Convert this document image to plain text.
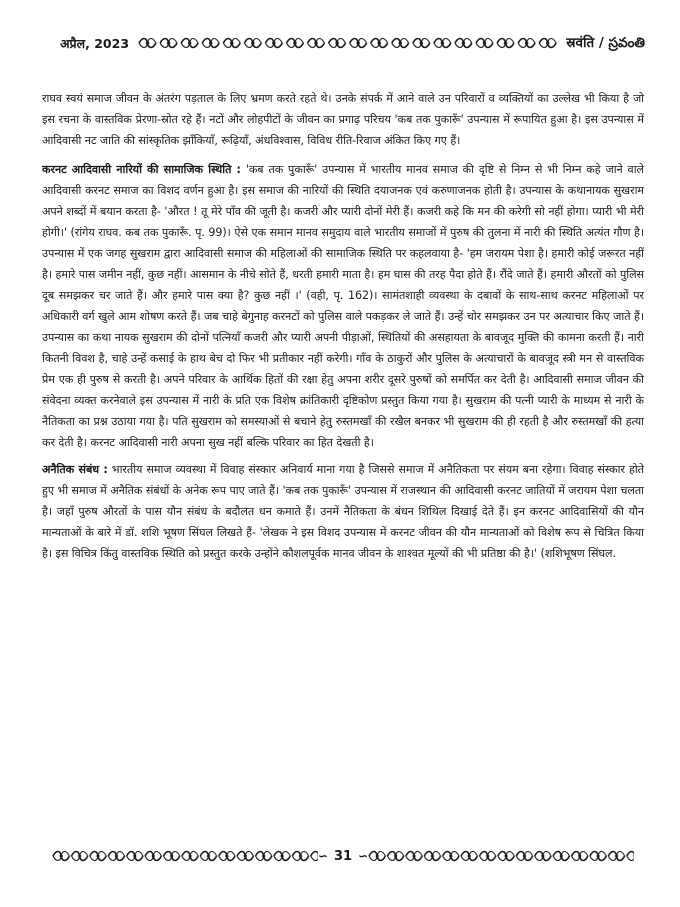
अप्रैल, 2023	स्रवंति / స్రవంతి

राघव स्वयं समाज जीवन के अंतरंग पड़ताल के लिए भ्रमण करते रहते थे। उनके संपर्क में आने वाले उन परिवारों व व्यक्तियों का उल्लेख भी किया है जो इस रचना के वास्तविक प्रेरणा-स्रोत रहे हैं। नटों और लोहपीटों के जीवन का प्रगाढ़ परिचय 'कब तक पुकारूँ' उपन्यास में रूपायित हुआ है। इस उपन्यास में आदिवासी नट जाति की सांस्कृतिक झाँकियाँ, रूढ़ियाँ, अंधविश्वास, विविध रीति-रिवाज अंकित किए गए हैं।

करनट आदिवासी नारियों की सामाजिक स्थिति : 'कब तक पुकारूँ' उपन्यास में भारतीय मानव समाज की दृष्टि से निम्न से भी निम्न कहे जाने वाले आदिवासी करनट समाज का विशद वर्णन हुआ है। इस समाज की नारियों की स्थिति दयाजनक एवं करुणाजनक होती है। उपन्यास के कथानायक सुखराम अपने शब्दों में बयान करता है- 'औरत ! तू मेरे पाँव की जूती है। कजरी और प्यारी दोनों मेरी हैं। कजरी कहे कि मन की करेगी सो नहीं होगा। प्यारी भी मेरी होगी।' (रांगेय राघव. कब तक पुकारूँ. पृ. 99)। ऐसे एक समान मानव समुदाय वाले भारतीय समाजों में पुरुष की तुलना में नारी की स्थिति अत्यंत गौण है। उपन्यास में एक जगह सुखराम द्वारा आदिवासी समाज की महिलाओं की सामाजिक स्थिति पर कहलवाया है- 'हम जरायम पेशा है। हमारी कोई जरूरत नहीं है। हमारे पास जमीन नहीं, कुछ नहीं। आसमान के नीचे सोते हैं, धरती हमारी माता है। हम घास की तरह पैदा होते हैं। रौंदे जाते हैं। हमारी औरतों को पुलिस दूब समझकर चर जाते हैं। और हमारे पास क्या है? कुछ नहीं ।' (वही, पृ. 162)। सामंतशाही व्यवस्था के दबावों के साथ-साथ करनट महिलाओं पर अधिकारी वर्ग खुले आम शोषण करते हैं। जब चाहे बेगुनाह करनटों को पुलिस वाले पकड़कर ले जाते हैं। उन्हें चोर समझकर उन पर अत्याचार किए जाते हैं। उपन्यास का कथा नायक सुखराम की दोनों पत्नियाँ कजरी और प्यारी अपनी पीड़ाओं, स्थितियों की असहायता के बावजूद मुक्ति की कामना करती हैं। नारी कितनी विवश है, चाहे उन्हें कसाई के हाथ बेच दो फिर भी प्रतीकार नहीं करेगी। गाँव के ठाकुरों और पुलिस के अत्याचारों के बावजूद स्त्री मन से वास्तविक प्रेम एक ही पुरुष से करती है। अपने परिवार के आर्थिक हितों की रक्षा हेतु अपना शरीर दूसरे पुरुषों को समर्पित कर देती है। आदिवासी समाज जीवन की संवेदना व्यक्त करनेवाले इस उपन्यास में नारी के प्रति एक विशेष क्रांतिकारी दृष्टिकोण प्रस्तुत किया गया है। सुखराम की पत्नी प्यारी के माध्यम से नारी के नैतिकता का प्रश्न उठाया गया है। पति सुखराम को समस्याओं से बचाने हेतु रुस्तमखाँ की रखैल बनकर भी सुखराम की ही रहती है और रुस्तमखाँ की हत्या कर देती है। करनट आदिवासी नारी अपना सुख नहीं बल्कि परिवार का हित देखती है।

अनैतिक संबंध : भारतीय समाज व्यवस्था में विवाह संस्कार अनिवार्य माना गया है जिससे समाज में अनैतिकता पर संयम बना रहेगा। विवाह संस्कार होते हुए भी समाज में अनैतिक संबंधों के अनेक रूप पाए जाते हैं। 'कब तक पुकारूँ' उपन्यास में राजस्थान की आदिवासी करनट जातियों में जरायम पेशा चलता है। जहाँ पुरुष औरतों के पास यौन संबंध के बदौलत धन कमाते हैं। उनमें नैतिकता के बंधन शिथिल दिखाई देते हैं। इन करनट आदिवासियों की यौन मान्यताओं के बारे में डॉ. शशि भूषण सिंघल लिखते हैं- 'लेखक ने इस विशद उपन्यास में करनट जीवन की यौन मान्यताओं को विशेष रूप से चित्रित किया है। इस विचित्र किंतु वास्तविक स्थिति को प्रस्तुत करके उन्होंने कौशलपूर्वक मानव जीवन के शाश्वत मूल्यों की भी प्रतिष्ठा की है।' (शशिभूषण सिंघल.

∽ 31 ∽
